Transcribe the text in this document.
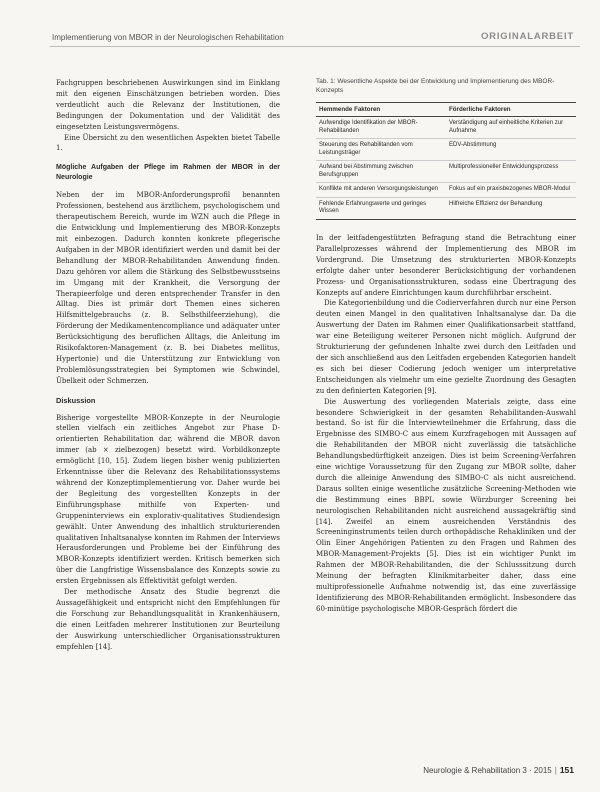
Implementierung von MBOR in der Neurologischen Rehabilitation	ORIGINALARBEIT

Fachgruppen beschriebenen Auswirkungen sind im Einklang mit den eigenen Einschätzungen betrieben worden. Dies verdeutlicht auch die Relevanz der Institutionen, die Bedingungen der Dokumentation und der Validität des eingesetzten Leistungsvermögens.

Eine Übersicht zu den wesentlichen Aspekten bietet Tabelle 1.

Mögliche Aufgaben der Pflege im Rahmen der MBOR in der Neurologie

Neben der im MBOR-Anforderungsprofil benannten Professionen, bestehend aus ärztlichem, psychologischem und therapeutischem Bereich, wurde im WZN auch die Pflege in die Entwicklung und Implementierung des MBOR-Konzepts mit einbezogen. Dadurch konnten konkrete pflegerische Aufgaben in der MBOR identifiziert werden und damit bei der Behandlung der MBOR-Rehabilitanden Anwendung finden. Dazu gehören vor allem die Stärkung des Selbstbewusstseins im Umgang mit der Krankheit, die Versorgung der Therapieerfolge und deren entsprechender Transfer in den Alltag. Dies ist primär dort Themen eines sicheren Hilfsmittelgebrauchs (z. B. Selbsthilfeerziehung), die Förderung der Medikamentencompliance und adäquater unter Berücksichtigung des beruflichen Alltags, die Anleitung im Risikofaktoren-Management (z. B. bei Diabetes mellitus, Hypertonie) und die Unterstützung zur Entwicklung von Problemlösungsstrategien bei Symptomen wie Schwindel, Übelkeit oder Schmerzen.

Diskussion

Bisherige vorgestellte MBOR-Konzepte in der Neurologie stellen vielfach ein zeitliches Angebot zur Phase D-orientierten Rehabilitation dar, während die MBOR davon immer (ab × zielbezogen) besetzt wird. Vorbildkonzepte ermöglicht [10, 15]. Zudem liegen bisher wenig publizierten Erkenntnisse über die Relevanz des Rehabilitationssystems während der Konzeptimplementierung vor. Daher wurde bei der Begleitung des vorgestellten Konzepts in der Einführungsphase mithilfe von Experten- und Gruppeninterviews ein explorativ-qualitatives Studiendesign gewählt. Unter Anwendung des inhaltlich strukturierenden qualitativen Inhaltsanalyse konnten im Rahmen der Interviews Herausforderungen und Probleme bei der Einführung des MBOR-Konzepts identifiziert werden. Kritisch bemerken sich über die Langfristige Wissensbalance des Konzepts sowie zu ersten Ergebnissen als Effektivität gefolgt werden.

Der methodische Ansatz des Studie begrenzt die Aussagefähigkeit und entspricht nicht den Empfehlungen für die Forschung zur Behandlungsqualität in Krankenhäusern, die einen Leitfaden mehrerer Institutionen zur Beurteilung der Auswirkung unterschiedlicher Organisationsstrukturen empfehlen [14].

Tab. 1: Wesentliche Aspekte bei der Entwicklung und Implementierung des MBOR-Konzepts

Hemmende Faktoren	Förderliche Faktoren
Aufwendige Identifikation der MBOR-Rehabilitanden	Verständigung auf einheitliche Kriterien zur Aufnahme
Steuerung des Rehabilitanden vom Leistungsträger	EDV-Abstimmung
Aufwand bei Abstimmung zwischen Berufsgruppen	Multiprofessioneller Entwicklungsprozess
Konflikte mit anderen Versorgungsleistungen	Fokus auf ein praxisbezogenes MBOR-Modul
Fehlende Erfahrungswerte und geringes Wissen	Hilfreiche Effizienz der Behandlung

In der leitfadengestützten Befragung stand die Betrachtung einer Parallelprozesses während der Implementierung des MBOR im Vordergrund. Die Umsetzung des strukturierten MBOR-Konzepts erfolgte daher unter besonderer Berücksichtigung der vorhandenen Prozess- und Organisationsstrukturen, sodass eine Übertragung des Konzepts auf andere Einrichtungen kaum durchführbar erscheint.

Die Kategorienbildung und die Codierverfahren durch nur eine Person deuten einen Mangel in den qualitativen Inhaltsanalyse dar. Da die Auswertung der Daten im Rahmen einer Qualifikationsarbeit stattfand, war eine Beteiligung weiterer Personen nicht möglich. Aufgrund der Strukturierung der gefundenen Inhalte zwei durch den Leitfaden und der sich anschließend aus den Leitfaden ergebenden Kategorien handelt es sich bei dieser Codierung jedoch weniger um interpretative Entscheidungen als vielmehr um eine gezielte Zuordnung des Gesagten zu den definierten Kategorien [9].

Die Auswertung des vorliegenden Materials zeigte, dass eine besondere Schwierigkeit in der gesamten Rehabilitanden-Auswahl bestand. So ist für die Interviewteilnehmer die Erfahrung, dass die Ergebnisse des SIMBO-C aus einem Kurzfragebogen mit Aussagen auf die Rehabilitanden der MBOR nicht zuverlässig die tatsächliche Behandlungsbedürftigkeit anzeigen. Dies ist beim Screening-Verfahren eine wichtige Voraussetzung für den Zugang zur MBOR sollte, daher durch die alleinige Anwendung des SIMBO-C als nicht ausreichend. Daraus sollten einige wesentliche zusätzliche Screening-Methoden wie die Bestimmung eines BBPL sowie Würzburger Screening bei neurologischen Rehabilitanden nicht ausreichend aussagekräftig sind [14]. Zweifel an einem ausreichenden Verständnis des Screeninginstruments teilen durch orthopädische Rehakliniken und der Olin Einer Angehörigen Patienten zu den Fragen und Rahmen des MBOR-Management-Projekts [5]. Dies ist ein wichtiger Punkt im Rahmen der MBOR-Rehabilitanden, die der Schlusssitzung durch Meinung der befragten Klinikmitarbeiter daher, dass eine multiprofessionelle Aufnahme notwendig ist, das eine zuverlässige Identifizierung des MBOR-Rehabilitanden ermöglicht. Insbesondere das 60-minütige psychologische MBOR-Gespräch fördert die

Neurologie & Rehabilitation 3 · 2015 | 151
